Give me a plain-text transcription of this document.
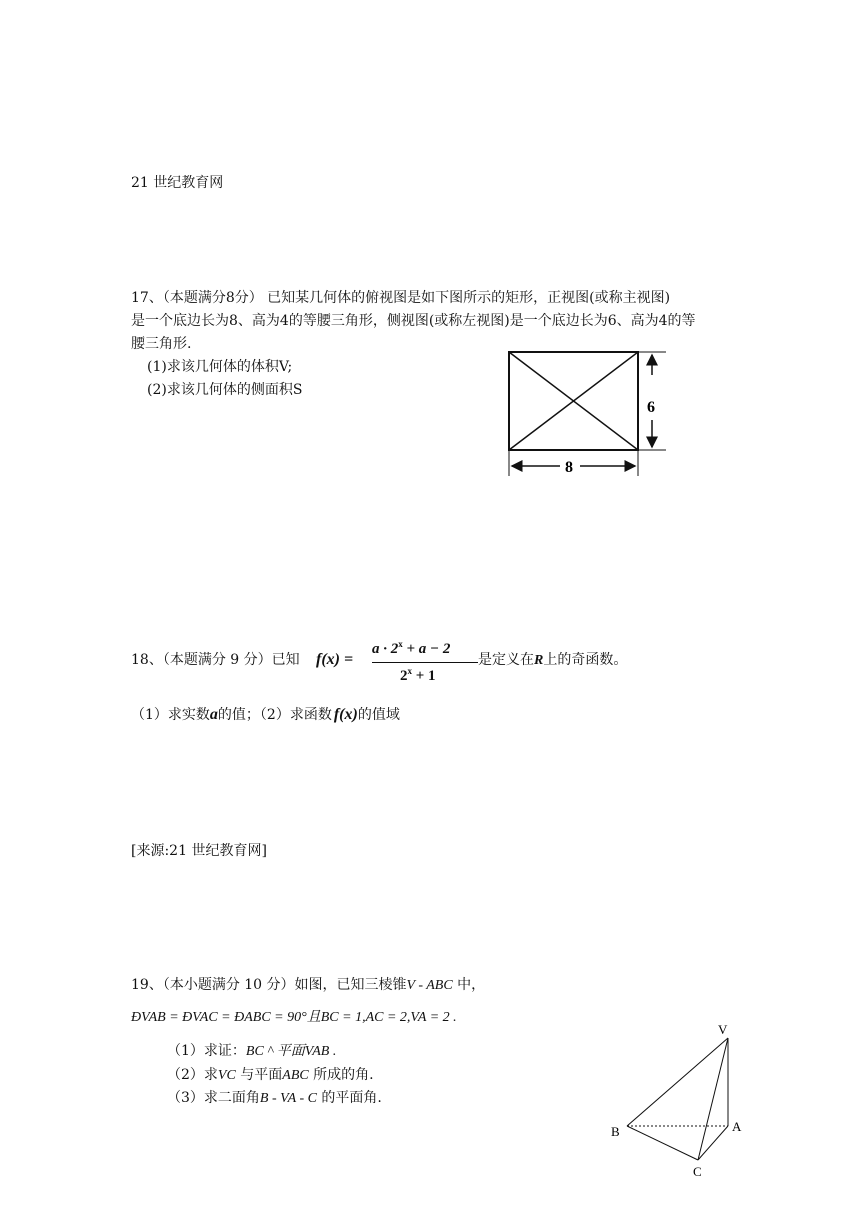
21 世纪教育网
17、（本题满分8分） 已知某几何体的俯视图是如下图所示的矩形，正视图(或称主视图)
是一个底边长为8、高为4的等腰三角形，侧视图(或称左视图)是一个底边长为6、高为4的等
腰三角形.
(1)求该几何体的体积V;
(2)求该几何体的侧面积S
6
8
18、（本题满分 9 分）已知 f(x) =
$a \cdot 2^x + a - 2$
$2^x + 1$
是定义在R上的奇函数。
（1）求实数a的值；（2）求函数 f(x)的值域
[来源:21 世纪教育网]
19、（本小题满分 10 分）如图，已知三棱锥V - ABC 中，
ÐVAB = ÐVAC = ÐABC = 90°且BC = 1,AC = 2,VA = 2 .
（1）求证：BC ^ 平面VAB .
（2）求VC 与平面ABC 所成的角.
（3）求二面角B - VA - C 的平面角.
V
A
B
C
